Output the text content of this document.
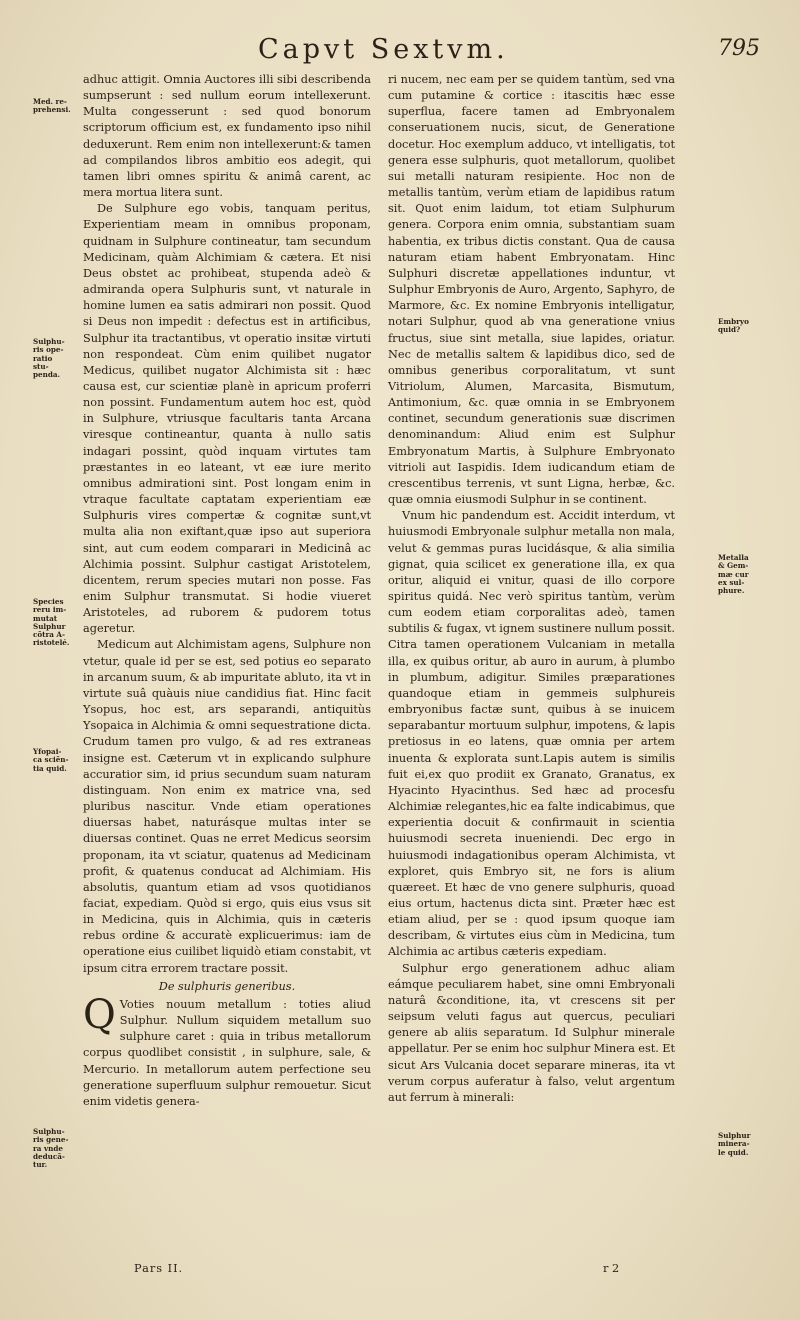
Capvt Sextvm.	795
Med. re-prehensi.
Sulphu-ris ope-ratio stu-penda.
Species reru im-mutat Sulphur cõtra A-ristotelé.
Yfopai-ca sciẽn-tia quid.
Sulphu-ris gene-ra vnde deducã-tur.
Embryo quid?
Metalla & Gem-mæ cur ex sul-phure.
Sulphur minera-le quid.

adhuc attigit. Omnia Auctores illi sibi describenda sumpserunt : sed nullum eorum intellexerunt. Multa congesserunt : sed quod bonorum scriptorum officium est, ex fundamento ipso nihil deduxerunt. Rem enim non intellexerunt:& tamen ad compilandos libros ambitio eos adegit, qui tamen libri omnes spiritu & animâ carent, ac mera mortua litera sunt.

De Sulphure ego vobis, tanquam peritus, Experientiam meam in omnibus proponam, quidnam in Sulphure contineatur, tam secundum Medicinam, quàm Alchimiam & cætera. Et nisi Deus obstet ac prohibeat, stupenda adeò & admiranda opera Sulphuris sunt, vt naturale in homine lumen ea satis admirari non possit. Quod si Deus non impedit : defectus est in artificibus, Sulphur ita tractantibus, vt operatio insitæ virtuti non respondeat. Cùm enim quilibet nugator Medicus, quilibet nugator Alchimista sit : hæc causa est, cur scientiæ planè in apricum proferri non possint. Fundamentum autem hoc est, quòd in Sulphure, vtriusque facultaris tanta Arcana viresque contineantur, quanta à nullo satis indagari possint, quòd inquam virtutes tam præstantes in eo lateant, vt eæ iure merito omnibus admirationi sint. Post longam enim in vtraque facultate captatam experientiam eæ Sulphuris vires compertæ & cognitæ sunt,vt multa alia non exiftant,quæ ipso aut superiora sint, aut cum eodem comparari in Medicinâ ac Alchimia possint. Sulphur castigat Aristotelem, dicentem, rerum species mutari non posse. Fas enim Sulphur transmutat. Si hodie viueret Aristoteles, ad ruborem & pudorem totus ageretur.

Medicum aut Alchimistam agens, Sulphure non vtetur, quale id per se est, sed potius eo separato in arcanum suum, & ab impuritate abluto, ita vt in virtute suâ quàuis niue candidius fiat. Hinc facit Ysopus, hoc est, ars separandi, antiquitùs Ysopaica in Alchimia & omni sequestratione dicta. Crudum tamen pro vulgo, & ad res extraneas insigne est. Cæterum vt in explicando sulphure accuratior sim, id prius secundum suam naturam distinguam. Non enim ex matrice vna, sed pluribus nascitur. Vnde etiam operationes diuersas habet, naturásque multas inter se diuersas continet. Quas ne erret Medicus seorsim proponam, ita vt sciatur, quatenus ad Medicinam profit, & quatenus conducat ad Alchimiam. His absolutis, quantum etiam ad vsos quotidianos faciat, expediam. Quòd si ergo, quis eius vsus sit in Medicina, quis in Alchimia, quis in cæteris rebus ordine & accuratè explicuerimus: iam de operatione eius cuilibet liquidò etiam constabit, vt ipsum citra errorem tractare possit.

De sulphuris generibus.

Q Voties nouum metallum : toties aliud Sulphur. Nullum siquidem metallum suo sulphure caret : quia in tribus metallorum corpus quodlibet consistit , in sulphure, sale, & Mercurio. In metallorum autem perfectione seu generatione superfluum sulphur remouetur. Sicut enim videtis genera-

ri nucem, nec eam per se quidem tantùm, sed vna cum putamine & cortice : itascitis hæc esse superflua, facere tamen ad Embryonalem conseruationem nucis, sicut, de Generatione docetur. Hoc exemplum adduco, vt intelligatis, tot genera esse sulphuris, quot metallorum, quolibet sui metalli naturam resipiente. Hoc non de metallis tantùm, verùm etiam de lapidibus ratum sit. Quot enim laidum, tot etiam Sulphurum genera. Corpora enim omnia, substantiam suam habentia, ex tribus dictis constant. Qua de causa naturam etiam habent Embryonatam. Hinc Sulphuri discretæ appellationes induntur, vt Sulphur Embryonis de Auro, Argento, Saphyro, de Marmore, &c. Ex nomine Embryonis intelligatur, notari Sulphur, quod ab vna generatione vnius fructus, siue sint metalla, siue lapides, oriatur. Nec de metallis saltem & lapidibus dico, sed de omnibus generibus corporalitatum, vt sunt Vitriolum, Alumen, Marcasita, Bismutum, Antimonium, &c. quæ omnia in se Embryonem continet, secundum generationis suæ discrimen denominandum: Aliud enim est Sulphur Embryonatum Martis, à Sulphure Embryonato vitrioli aut Iaspidis. Idem iudicandum etiam de crescentibus terrenis, vt sunt Ligna, herbæ, &c. quæ omnia eiusmodi Sulphur in se continent.

Vnum hic pandendum est. Accidit interdum, vt huiusmodi Embryonale sulphur metalla non mala, velut & gemmas puras lucidásque, & alia similia gignat, quia scilicet ex generatione illa, ex qua oritur, aliquid ei vnitur, quasi de illo corpore spiritus quidá. Nec verò spiritus tantùm, verùm cum eodem etiam corporalitas adeò, tamen subtilis & fugax, vt ignem sustinere nullum possit. Citra tamen operationem Vulcaniam in metalla illa, ex quibus oritur, ab auro in aurum, à plumbo in plumbum, adigitur. Similes præparationes quandoque etiam in gemmeis sulphureis embryonibus factæ sunt, quibus à se inuicem separabantur mortuum sulphur, impotens, & lapis pretiosus in eo latens, quæ omnia per artem inuenta & explorata sunt.Lapis autem is similis fuit ei,ex quo prodiit ex Granato, Granatus, ex Hyacinto Hyacinthus. Sed hæc ad procesfu Alchimiæ relegantes,hic ea falte indicabimus, que experientia docuit & confirmauit in scientia huiusmodi secreta inueniendi. Dec ergo in huiusmodi indagationibus operam Alchimista, vt exploret, quis Embryo sit, ne fors is alium quæreet. Et hæc de vno genere sulphuris, quoad eius ortum, hactenus dicta sint. Præter hæc est etiam aliud, per se : quod ipsum quoque iam describam, & virtutes eius cùm in Medicina, tum Alchimia ac artibus cæteris expediam.

Sulphur ergo generationem adhuc aliam eámque peculiarem habet, sine omni Embryonali naturâ &conditione, ita, vt crescens sit per seipsum veluti fagus aut quercus, peculiari genere ab aliis separatum. Id Sulphur minerale appellatur. Per se enim hoc sulphur Minera est. Et sicut Ars Vulcania docet separare mineras, ita vt verum corpus auferatur à falso, velut argentum aut ferrum à minerali:

Pars II.	r 2
